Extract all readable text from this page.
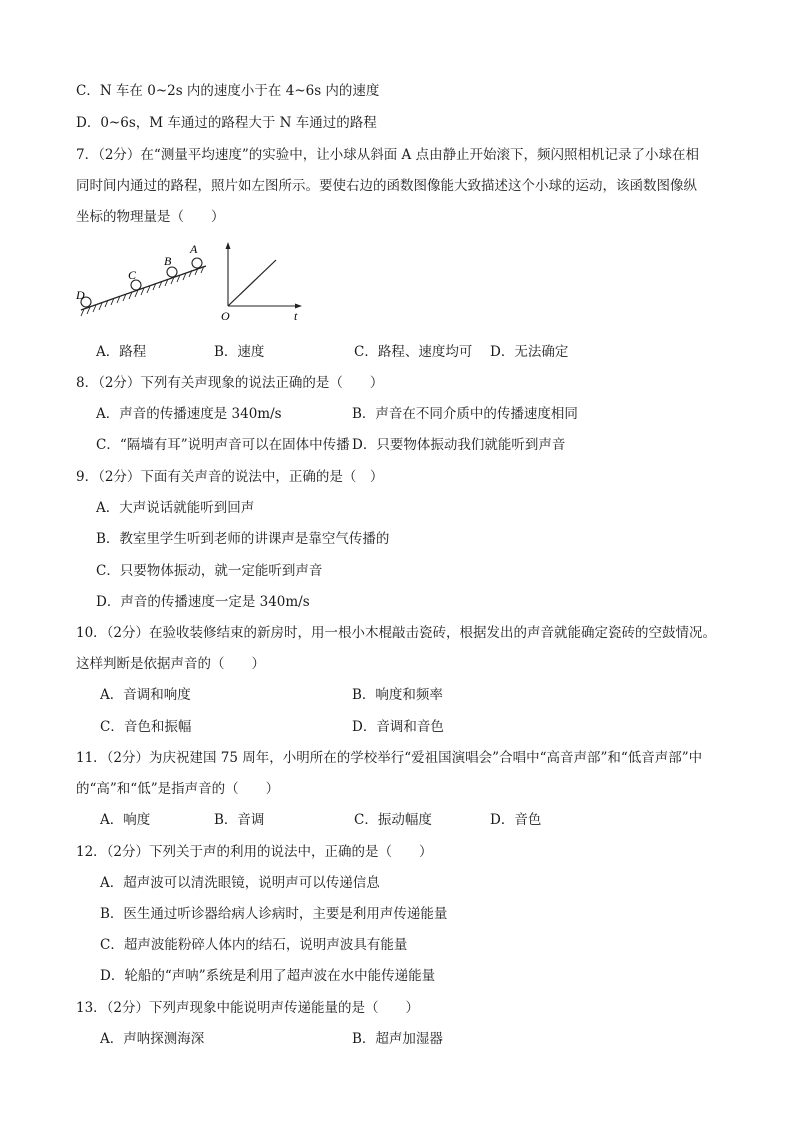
C．N 车在 0~2s 内的速度小于在 4~6s 内的速度
D．0~6s，M 车通过的路程大于 N 车通过的路程
7．（2分）在“测量平均速度”的实验中，让小球从斜面 A 点由静止开始滚下，频闪照相机记录了小球在相
同时间内通过的路程，照片如左图所示。要使右边的函数图像能大致描述这个小球的运动，该函数图像纵
坐标的物理量是（　　）
D
C
B
A
O	t
A．路程	B．速度	C．路程、速度均可 D．无法确定
8．（2分）下列有关声现象的说法正确的是（　　）
A．声音的传播速度是 340m/s	B．声音在不同介质中的传播速度相同
C．“隔墙有耳”说明声音可以在固体中传播 D．只要物体振动我们就能听到声音
9．（2分）下面有关声音的说法中，正确的是（　）
A．大声说话就能听到回声
B．教室里学生听到老师的讲课声是靠空气传播的
C．只要物体振动，就一定能听到声音
D．声音的传播速度一定是 340m/s
10．（2分）在验收装修结束的新房时，用一根小木棍敲击瓷砖，根据发出的声音就能确定瓷砖的空鼓情况。
这样判断是依据声音的（　　）
A．音调和响度	B．响度和频率
C．音色和振幅	D．音调和音色
11．（2分）为庆祝建国 75 周年，小明所在的学校举行“爱祖国演唱会”合唱中“高音声部”和“低音声部”中
的“高”和“低”是指声音的（　　）
A．响度	B．音调	C．振动幅度	D．音色
12．（2分）下列关于声的利用的说法中，正确的是（　　）
A．超声波可以清洗眼镜，说明声可以传递信息
B．医生通过听诊器给病人诊病时，主要是利用声传递能量
C．超声波能粉碎人体内的结石，说明声波具有能量
D．轮船的“声呐”系统是利用了超声波在水中能传递能量
13．（2分）下列声现象中能说明声传递能量的是（　　）
A．声呐探测海深	B．超声加湿器
